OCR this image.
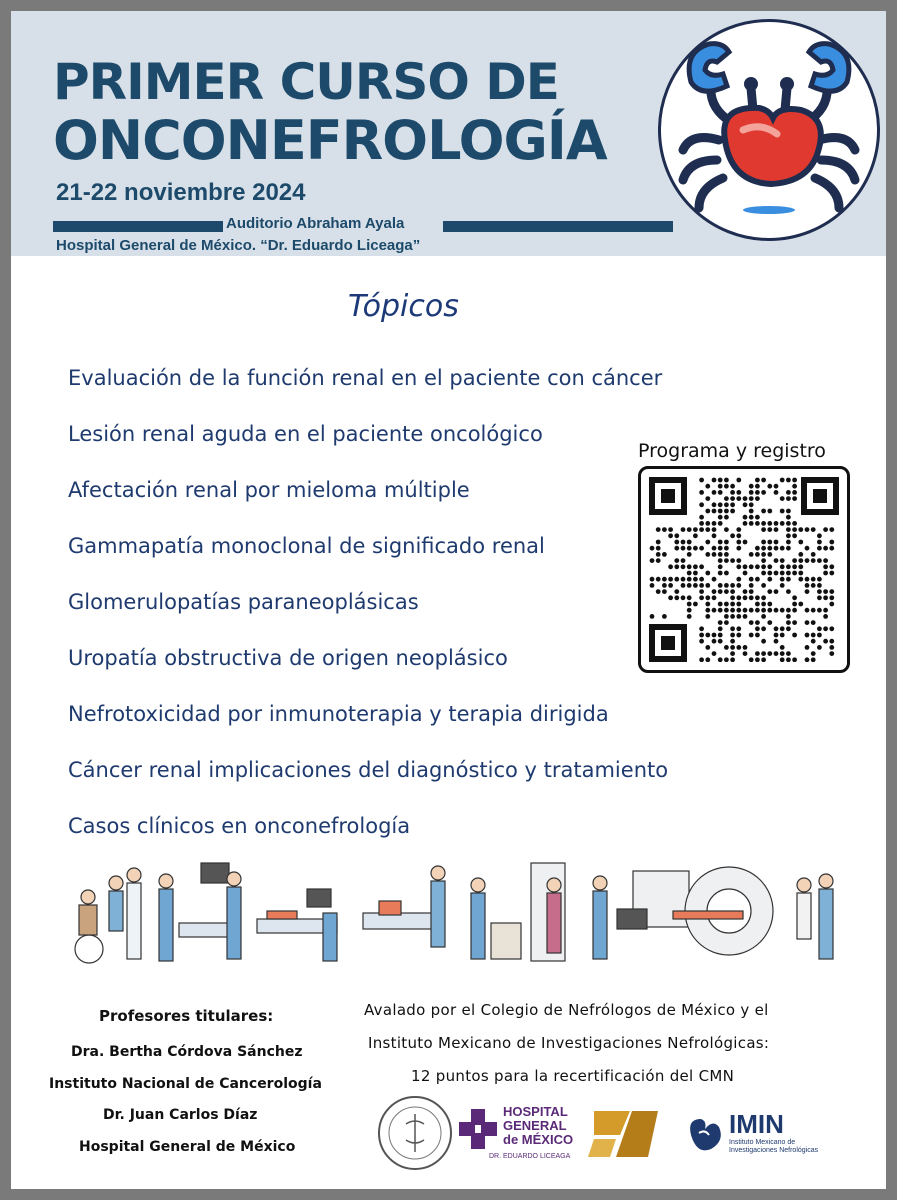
PRIMER CURSO DE
ONCONEFROLOGÍA
21-22 noviembre 2024
Auditorio Abraham Ayala
Hospital General de México. “Dr. Eduardo Liceaga”
Tópicos
Evaluación de la función renal en el paciente con cáncer
Lesión renal aguda en el paciente oncológico
Afectación renal por mieloma múltiple
Gammapatía monoclonal de significado renal
Glomerulopatías paraneoplásicas
Uropatía obstructiva de origen neoplásico
Nefrotoxicidad por inmunoterapia y terapia dirigida
Cáncer renal implicaciones del diagnóstico y tratamiento
Casos clínicos en onconefrología
Programa y registro
Profesores titulares:
Dra. Bertha Córdova Sánchez
Instituto Nacional de Cancerología
Dr. Juan Carlos Díaz
Hospital General de México
Avalado por el Colegio de Nefrólogos de México y el
Instituto Mexicano de Investigaciones Nefrológicas:
12 puntos para la recertificación del CMN
HOSPITAL
GENERAL
de MÉXICO
DR. EDUARDO LICEAGA
IMIN
Instituto Mexicano de
Investigaciones Nefrológicas
